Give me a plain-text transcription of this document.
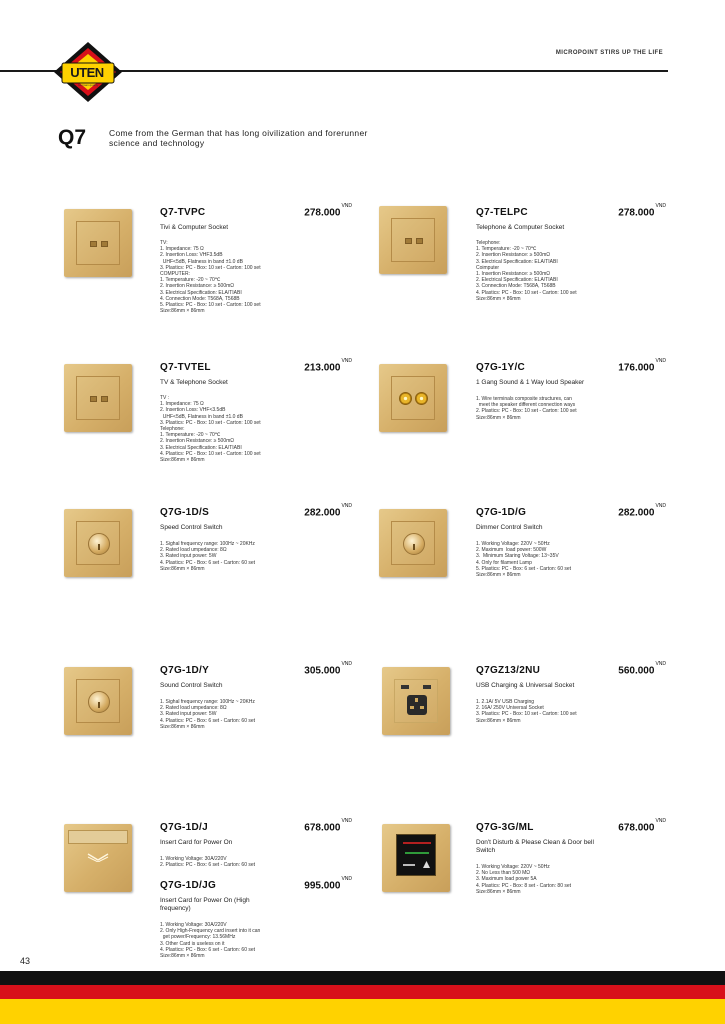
MICROPOINT STIRS UP THE LIFE
UTEN
German quality
Q7	Come from the German that has long oivilization and forerunner science and technology
Q7-TVPC	$278.000^{VND}$
Tivi & Computer Socket
TV:
1. Impedance: 75 Ω
2. Insertion Loss: VHF3.5dB
UHF<5dB, Flatness in band ±1.0 dB
3. Plastics: PC - Box: 10 set - Carton: 100 set
COMPUTER:
1. Temperature: -20 ~ 70℃
2. Insertion Resistance: ≥ 500mΩ
3. Electrical Specification: ELA/TIABI
4. Connection Mode: T568A, T568B
5. Plastics: PC - Box: 10 set - Carton: 100 set
Size:86mm × 86mm
Q7-TELPC	$278.000^{VND}$
Telephone & Computer Socket
Telephone:
1. Temperature: -20 ~ 70℃
2. Insertion Resistance: ≥ 500mΩ
3. Electrical Specification: ELA/TIABI
Coimputer
1. Insertion Resistance: ≥ 500mΩ
2. Electrical Specification: ELA/TIABI
3. Connection Mode: T568A, T568B
4. Plastics: PC - Box: 10 set - Carton: 100 set
Size:86mm × 86mm
Q7-TVTEL	$213.000^{VND}$
TV & Telephone Socket
TV :
1. Impedance: 75 Ω
2. Insertion Loss: VHF<3.5dB
UHF<5dB, Flatness in band ±1.0 dB
3. Plastics: PC - Box: 10 set - Carton: 100 set
Telephone:
1. Temperature: -20 ~ 70℃
2. Insertion Resistance: ≥ 500mΩ
3. Electrical Specification: ELA/TIABI
4. Plastics: PC - Box: 10 set - Carton: 100 set
Size:86mm × 86mm
Q7G-1Y/C	$176.000^{VND}$
1 Gang Sound & 1 Way loud Speaker
1. Wire terminals composite structures, can
meet the speaker different connection ways
2. Plastics: PC - Box: 10 set - Carton: 100 set
Size:86mm × 86mm
Q7G-1D/S	$282.000^{VND}$
Speed Control Switch
1. Sighal frequency range: 100Hz ~ 20KHz
2. Rated load umpedance: 8Ω
3. Rated input power: 5W
4. Plastics: PC - Box: 6 set - Carton: 60 set
Size:86mm × 86mm
Q7G-1D/G	$282.000^{VND}$
Dimmer Control Switch
1. Working Voltage: 220V ~ 50Hz
2. Maximum  load power: 500W
3.  Minimum Staring Voltage: 13~35V
4. Only for filament Lamp
5. Plastics: PC - Box: 6 set - Carton: 60 set
Size:86mm × 86mm
Q7G-1D/Y	$305.000^{VND}$
Sound Control Switch
1. Sighal frequency range: 100Hz ~ 20KHz
2. Rated load umpedance: 8Ω
3. Rated input power: 5W
4. Plastics: PC - Box: 6 set - Carton: 60 set
Size:86mm × 86mm
Q7GZ13/2NU	$560.000^{VND}$
USB Charging & Universal Socket
1. 2.1A/ 5V USB Charging
2. 16A/ 250V Universal Socket
3. Plastics: PC - Box: 10 set - Carton: 100 set
Size:86mm × 86mm
Q7G-1D/J	$678.000^{VND}$
Insert Card for Power On
1. Working Voltage: 30A/220V
2. Plastics: PC - Box: 6 set - Carton: 60 set
Q7G-1D/JG	$995.000^{VND}$
Insert Card for Power On (High frequency)
1. Working Voltage: 30A/220V
2. Only High-Frequency card insert into it can
get power/Frequency: 13.56MHz
3. Other Card is useless on it
4. Plastics: PC - Box: 6 set - Carton: 60 set
Size:86mm × 86mm
Q7G-3G/ML	$678.000^{VND}$
Don't Disturb & Please Clean & Door bell Switch
1. Working Voltage: 220V ~ 50Hz
2. No Less than 500 MΩ
3. Maximum load power 5A
4. Plastics: PC - Box: 8 set - Carton: 80 set
Size:86mm × 86mm
43
